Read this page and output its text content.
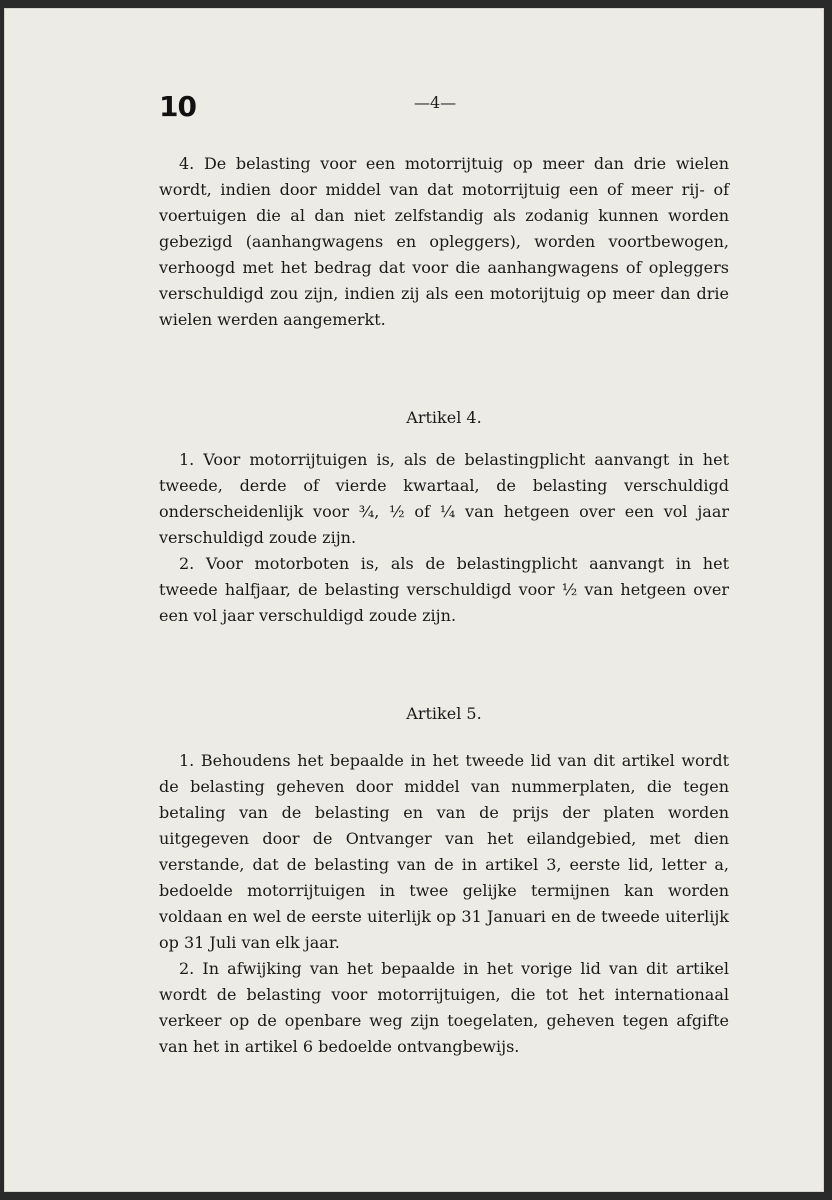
10	—4—

4. De belasting voor een motorrijtuig op meer dan drie wielen wordt, indien door middel van dat motorrijtuig een of meer rij- of voertuigen die al dan niet zelfstandig als zodanig kunnen worden gebezigd (aanhangwagens en opleggers), worden voortbewogen, verhoogd met het bedrag dat voor die aanhangwagens of opleggers verschuldigd zou zijn, indien zij als een motorijtuig op meer dan drie wielen werden aangemerkt.

Artikel 4.

1. Voor motorrijtuigen is, als de belastingplicht aanvangt in het tweede, derde of vierde kwartaal, de belasting verschuldigd onderscheidenlijk voor ¾, ½ of ¼ van hetgeen over een vol jaar verschuldigd zoude zijn.

2. Voor motorboten is, als de belastingplicht aanvangt in het tweede halfjaar, de belasting verschuldigd voor ½ van hetgeen over een vol jaar verschuldigd zoude zijn.

Artikel 5.

1. Behoudens het bepaalde in het tweede lid van dit artikel wordt de belasting geheven door middel van nummerplaten, die tegen betaling van de belasting en van de prijs der platen worden uitgegeven door de Ontvanger van het eilandgebied, met dien verstande, dat de belasting van de in artikel 3, eerste lid, letter a, bedoelde motorrijtuigen in twee gelijke termijnen kan worden voldaan en wel de eerste uiterlijk op 31 Januari en de tweede uiterlijk op 31 Juli van elk jaar.

2. In afwijking van het bepaalde in het vorige lid van dit artikel wordt de belasting voor motorrijtuigen, die tot het internationaal verkeer op de openbare weg zijn toegelaten, geheven tegen afgifte van het in artikel 6 bedoelde ontvangbewijs.
